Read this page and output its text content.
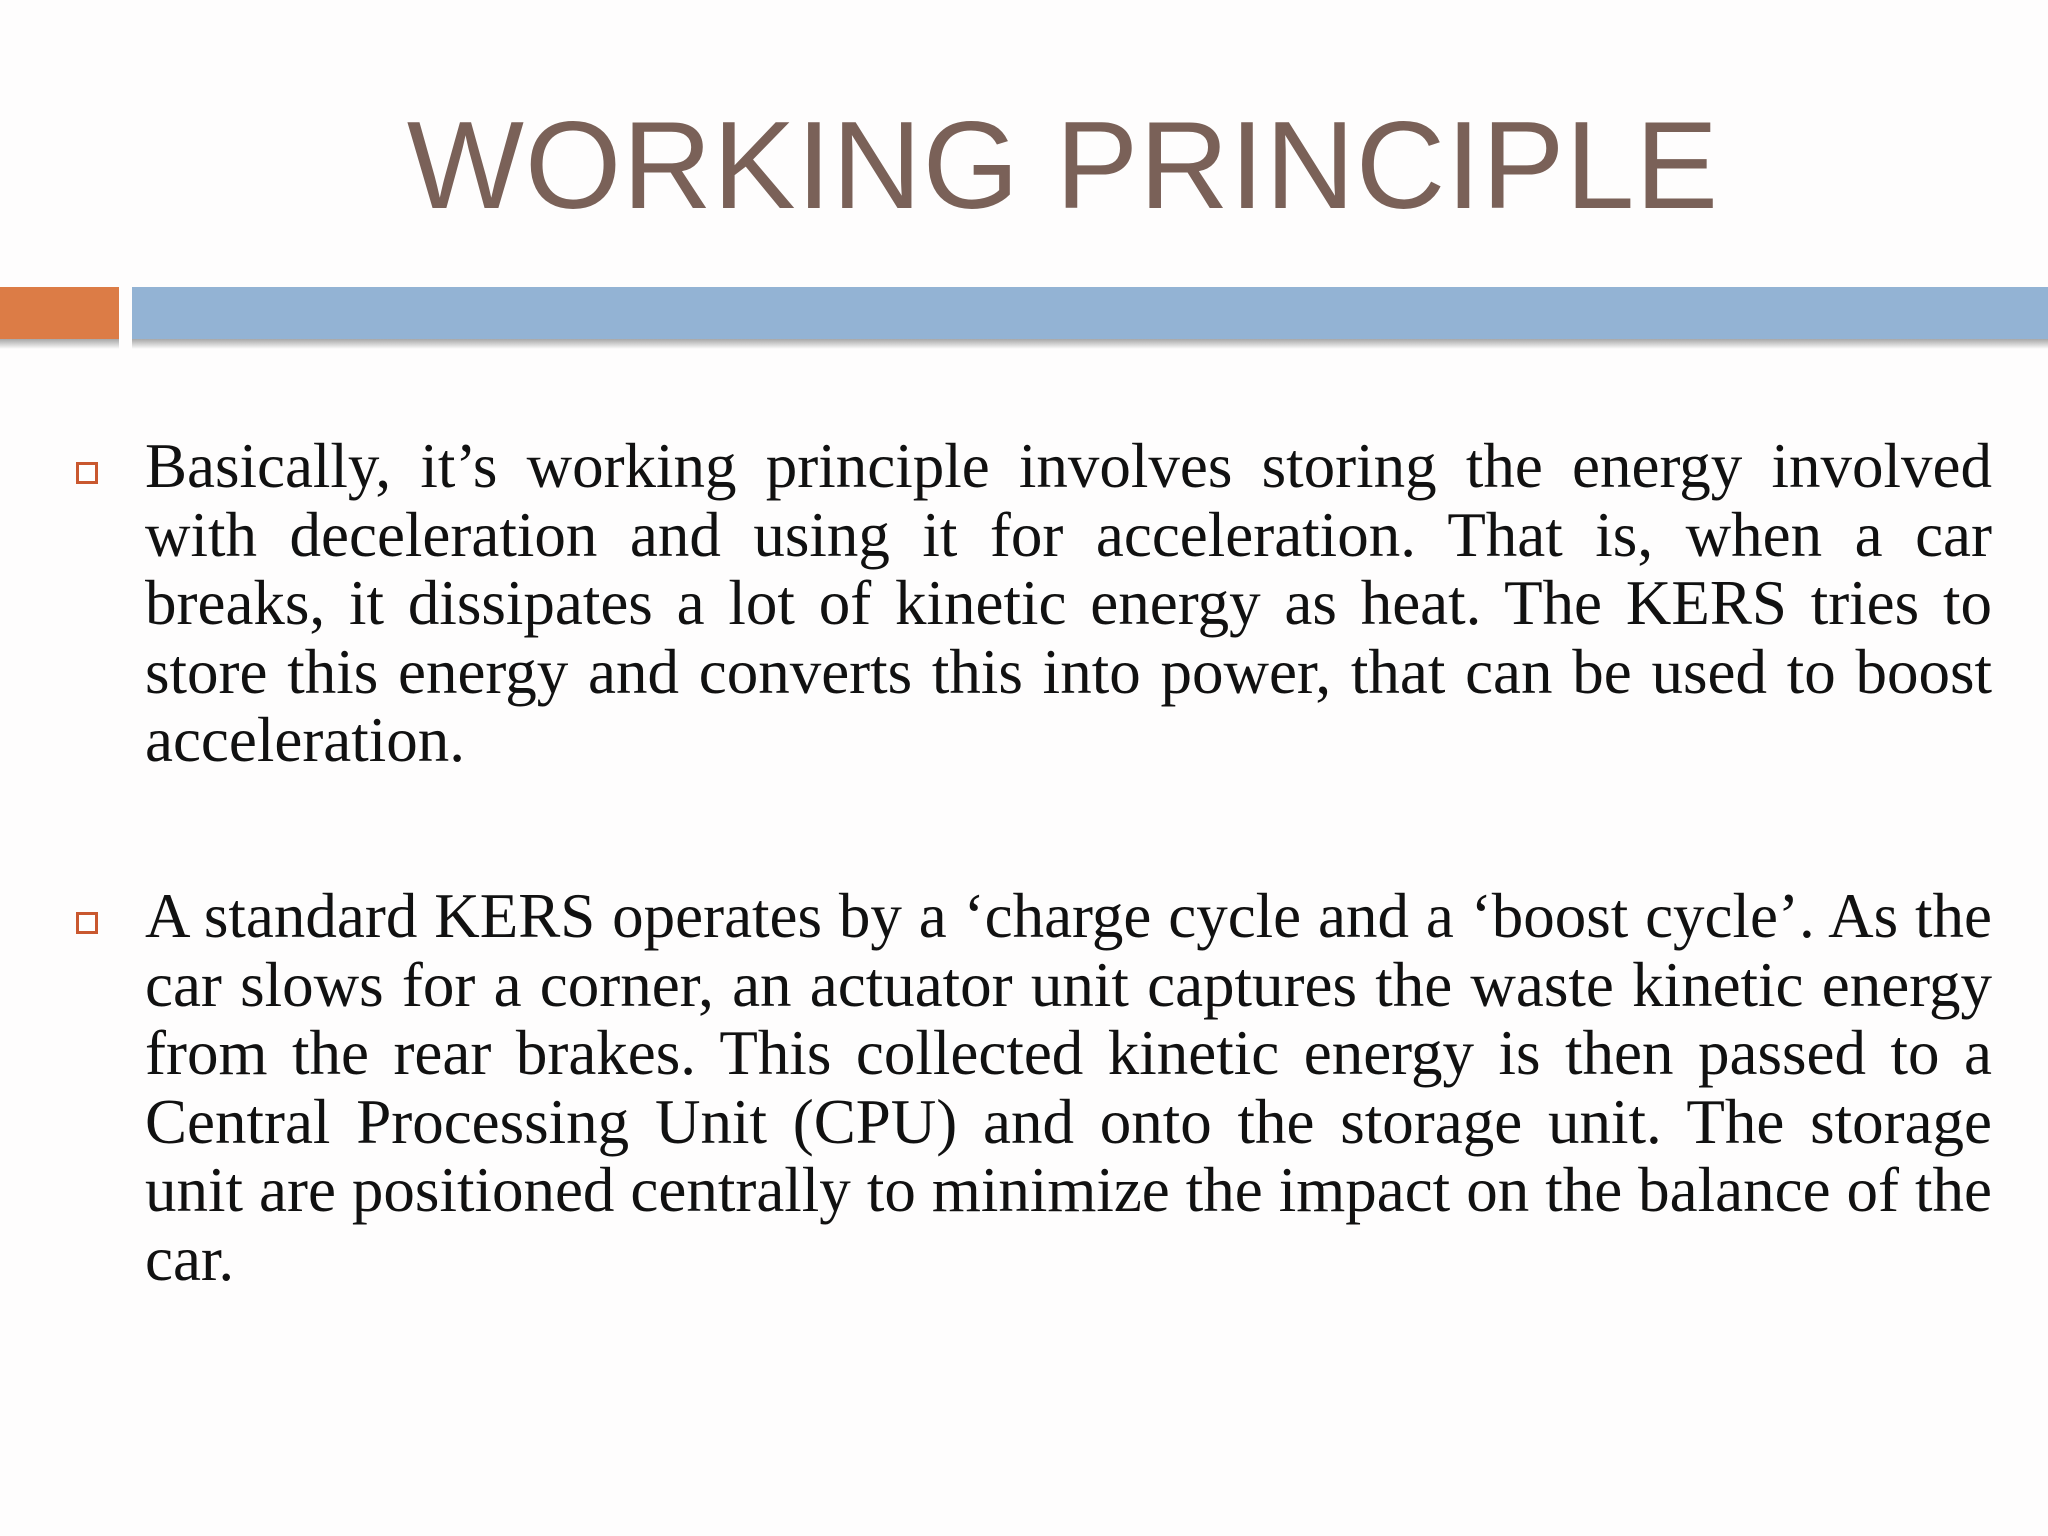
WORKING PRINCIPLE

Basically, it’s working principle involves storing the energy involved with deceleration and using it for acceleration. That is, when a car breaks, it dissipates a lot of kinetic energy as heat. The KERS tries to store this energy and converts this into power, that can be used to boost acceleration.

A standard KERS operates by a ‘charge cycle and a ‘boost cycle’. As the car slows for a corner, an actuator unit captures the waste kinetic energy from the rear brakes. This collected kinetic energy is then passed to a Central Processing Unit (CPU) and onto the storage unit. The storage unit are positioned centrally to minimize the impact on the balance of the car.
